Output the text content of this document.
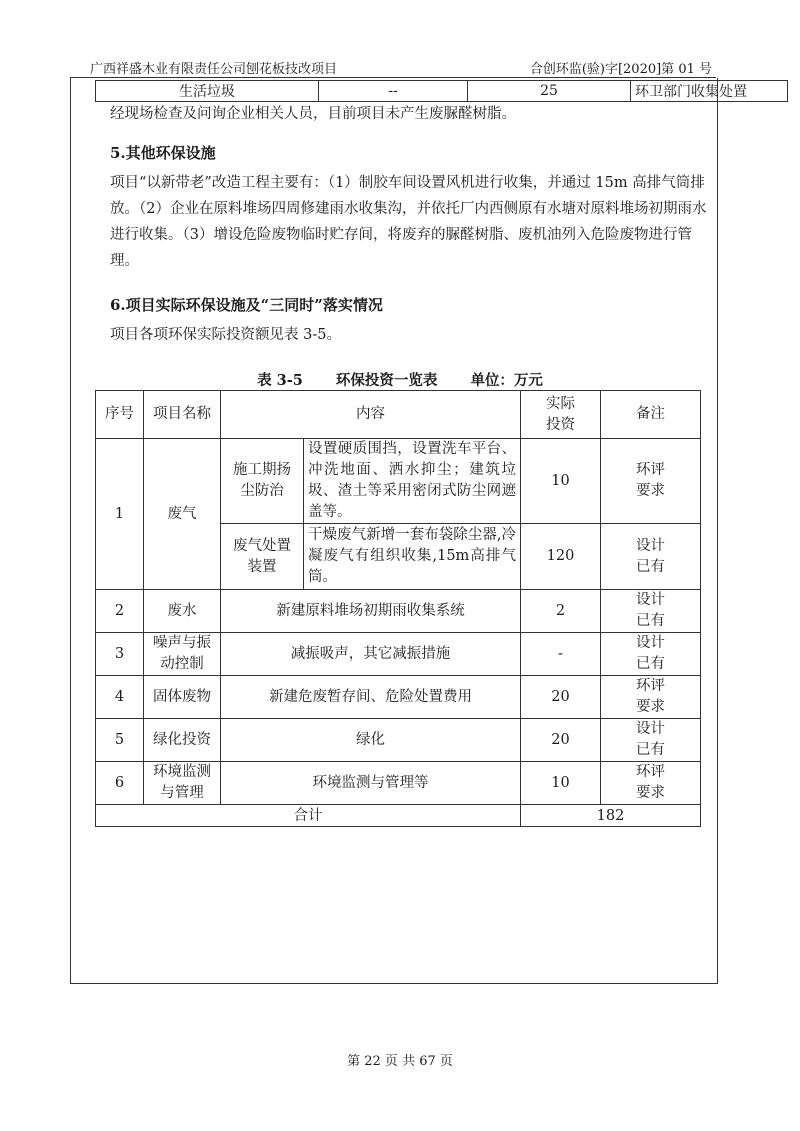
广西祥盛木业有限责任公司刨花板技改项目	合创环监(验)字[2020]第 01 号
生活垃圾	--	25	环卫部门收集处置
经现场检查及问询企业相关人员，目前项目未产生废脲醛树脂。
5.其他环保设施
项目“以新带老”改造工程主要有：（1）制胶车间设置风机进行收集，并通过 15m 高排气筒排放。（2）企业在原料堆场四周修建雨水收集沟，并依托厂内西侧原有水塘对原料堆场初期雨水进行收集。（3）增设危险废物临时贮存间，将废弃的脲醛树脂、废机油列入危险废物进行管理。
6.项目实际环保设施及“三同时”落实情况
项目各项环保实际投资额见表 3-5。
表 3-5 环保投资一览表 单位：万元
序号	项目名称	内容		实际投资	备注
1	废气	施工期扬尘防治	设置硬质围挡，设置洗车平台、冲洗地面、洒水抑尘；建筑垃圾、渣土等采用密闭式防尘网遮盖等。	10	环评要求

		废气处置装置	干燥废气新增一套布袋除尘器,冷凝废气有组织收集,15m高排气筒。	120	设计已有

2	废水	新建原料堆场初期雨收集系统		2	设计已有

3	噪声与振动控制	减振吸声，其它减振措施		-	设计已有

4	固体废物	新建危废暂存间、危险处置费用		20	环评要求

5	绿化投资	绿化		20	设计已有

6	环境监测与管理	环境监测与管理等		10	环评要求

合计				182	
第 22 页 共 67 页
